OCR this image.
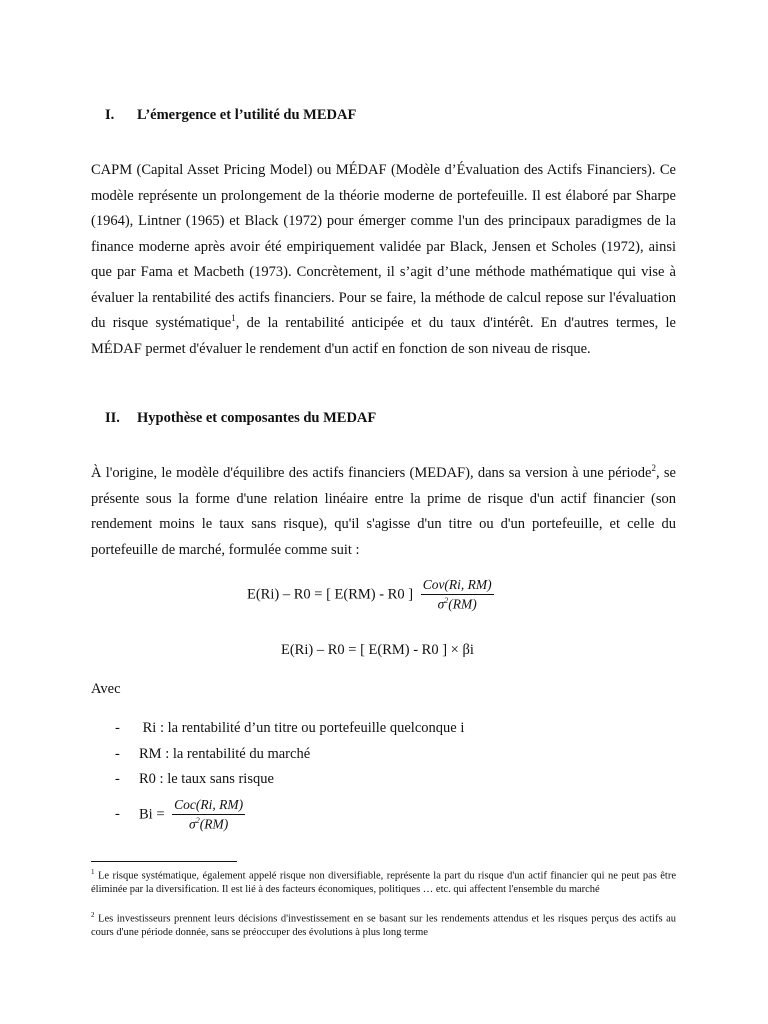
I. L’émergence et l’utilité du MEDAF

CAPM (Capital Asset Pricing Model) ou MÉDAF (Modèle d’Évaluation des Actifs Financiers). Ce modèle représente un prolongement de la théorie moderne de portefeuille. Il est élaboré par Sharpe (1964), Lintner (1965) et Black (1972) pour émerger comme l'un des principaux paradigmes de la finance moderne après avoir été empiriquement validée par Black, Jensen et Scholes (1972), ainsi que par Fama et Macbeth (1973). Concrètement, il s’agit d’une méthode mathématique qui vise à évaluer la rentabilité des actifs financiers. Pour se faire, la méthode de calcul repose sur l'évaluation du risque systématique$^1$, de la rentabilité anticipée et du taux d'intérêt. En d'autres termes, le MÉDAF permet d'évaluer le rendement d'un actif en fonction de son niveau de risque.

II. Hypothèse et composantes du MEDAF

À l'origine, le modèle d'équilibre des actifs financiers (MEDAF), dans sa version à une période$^2$, se présente sous la forme d'une relation linéaire entre la prime de risque d'un actif financier (son rendement moins le taux sans risque), qu'il s'agisse d'un titre ou d'un portefeuille, et celle du portefeuille de marché, formulée comme suit :

E(Ri) – R0 = [ E(RM) - R0 ] $\frac{\text{Cov(Ri, RM)}}{\sigma^2(RM)}$
E(Ri) – R0 = [ E(RM) - R0 ] × βi
Avec
- Ri : la rentabilité d’un titre ou portefeuille quelconque i
- RM : la rentabilité du marché
- R0 : le taux sans risque
- $Bi = \frac{\text{Coc(Ri, RM)}}{\sigma^2(RM)}$

$^1$ Le risque systématique, également appelé risque non diversifiable, représente la part du risque d'un actif financier qui ne peut pas être éliminée par la diversification. Il est lié à des facteurs économiques, politiques … etc. qui affectent l'ensemble du marché

$^2$ Les investisseurs prennent leurs décisions d'investissement en se basant sur les rendements attendus et les risques perçus des actifs au cours d'une période donnée, sans se préoccuper des évolutions à plus long terme
